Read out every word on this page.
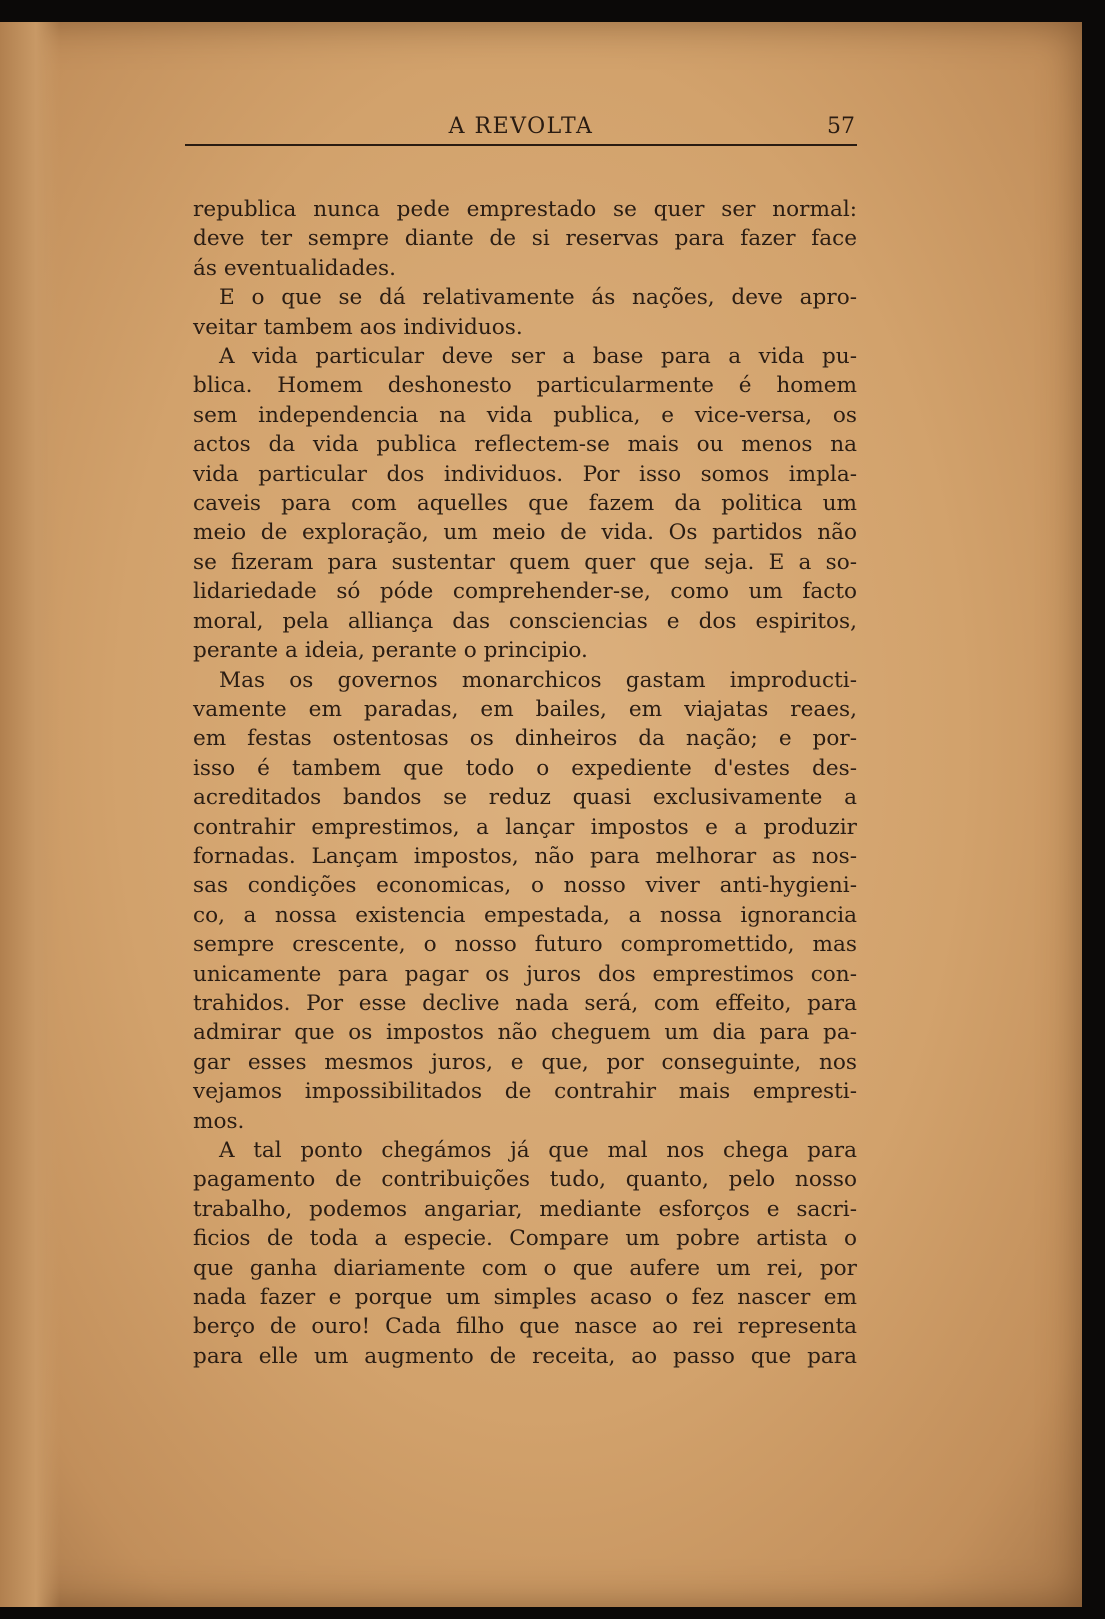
A REVOLTA	57
republica nunca pede emprestado se quer ser normal:
deve ter sempre diante de si reservas para fazer face
ás eventualidades.
E o que se dá relativamente ás nações, deve apro-
veitar tambem aos individuos.
A vida particular deve ser a base para a vida pu-
blica. Homem deshonesto particularmente é homem
sem independencia na vida publica, e vice-versa, os
actos da vida publica reflectem-se mais ou menos na
vida particular dos individuos. Por isso somos impla-
caveis para com aquelles que fazem da politica um
meio de exploração, um meio de vida. Os partidos não
se fizeram para sustentar quem quer que seja. E a so-
lidariedade só póde comprehender-se, como um facto
moral, pela alliança das consciencias e dos espiritos,
perante a ideia, perante o principio.
Mas os governos monarchicos gastam improducti-
vamente em paradas, em bailes, em viajatas reaes,
em festas ostentosas os dinheiros da nação; e por-
isso é tambem que todo o expediente d'estes des-
acreditados bandos se reduz quasi exclusivamente a
contrahir emprestimos, a lançar impostos e a produzir
fornadas. Lançam impostos, não para melhorar as nos-
sas condições economicas, o nosso viver anti-hygieni-
co, a nossa existencia empestada, a nossa ignorancia
sempre crescente, o nosso futuro compromettido, mas
unicamente para pagar os juros dos emprestimos con-
trahidos. Por esse declive nada será, com effeito, para
admirar que os impostos não cheguem um dia para pa-
gar esses mesmos juros, e que, por conseguinte, nos
vejamos impossibilitados de contrahir mais empresti-
mos.
A tal ponto chegámos já que mal nos chega para
pagamento de contribuições tudo, quanto, pelo nosso
trabalho, podemos angariar, mediante esforços e sacri-
ficios de toda a especie. Compare um pobre artista o
que ganha diariamente com o que aufere um rei, por
nada fazer e porque um simples acaso o fez nascer em
berço de ouro! Cada filho que nasce ao rei representa
para elle um augmento de receita, ao passo que para
